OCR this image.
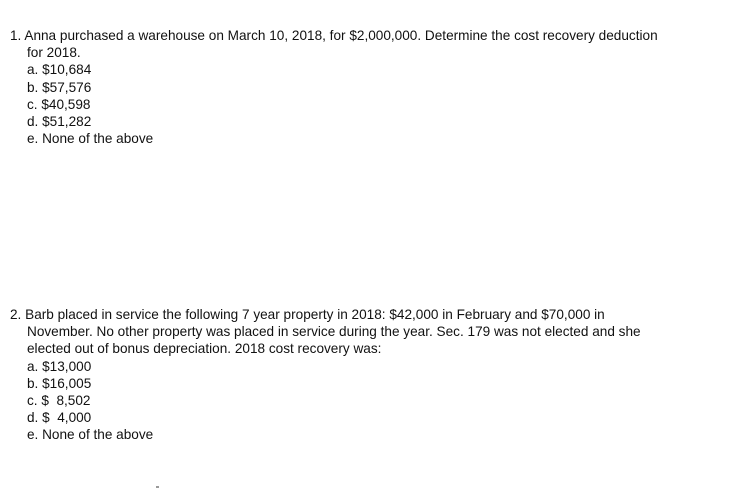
1. Anna purchased a warehouse on March 10, 2018, for $2,000,000. Determine the cost recovery deduction
for 2018.
a. $10,684
b. $57,576
c. $40,598
d. $51,282
e. None of the above
2. Barb placed in service the following 7 year property in 2018: $42,000 in February and $70,000 in
November. No other property was placed in service during the year. Sec. 179 was not elected and she
elected out of bonus depreciation. 2018 cost recovery was:
a. $13,000
b. $16,005
c. $  8,502
d. $  4,000
e. None of the above
